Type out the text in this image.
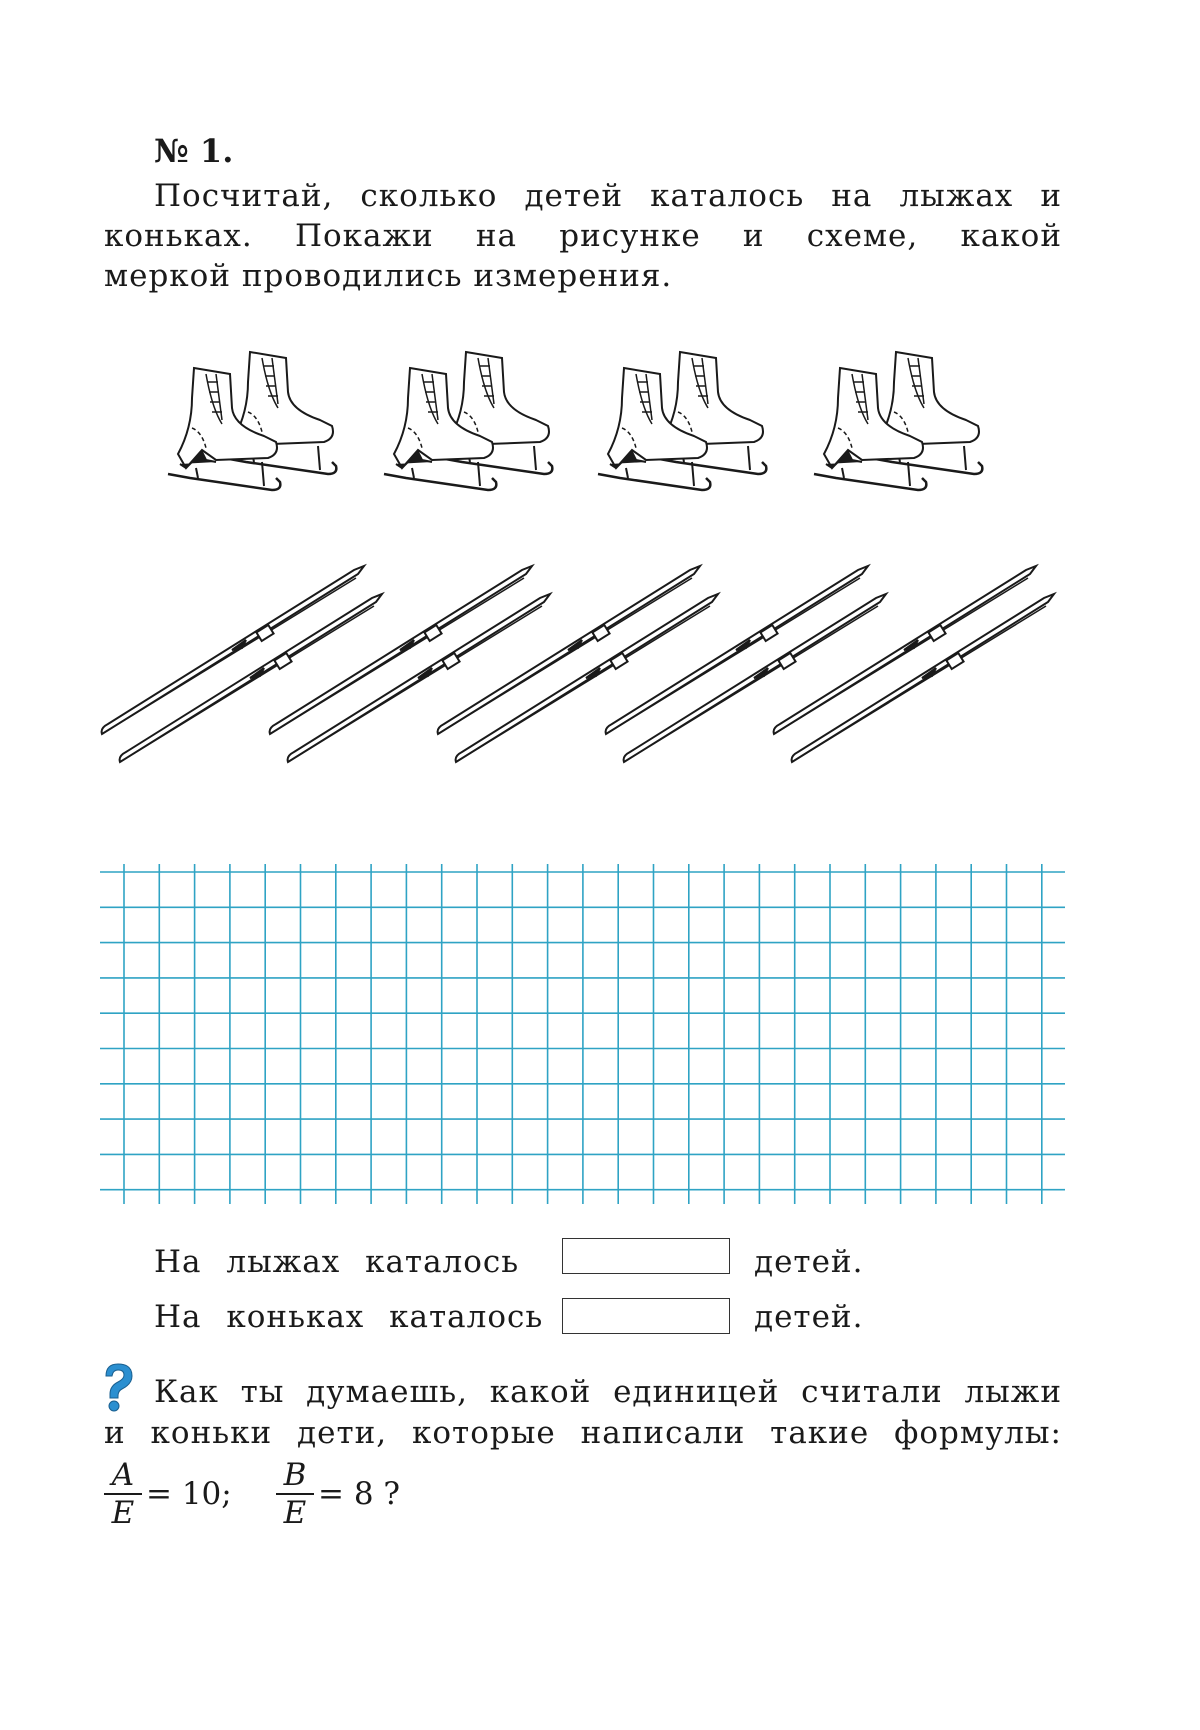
№ 1.
Посчитай, сколько детей каталось на лыжах и
коньках. Покажи на рисунке и схеме, какой
меркой проводились измерения.
На лыжах каталось	детей.
На коньках каталось	детей.
Как ты думаешь, какой единицей считали лыжи
и коньки дети, которые написали такие формулы:
$\frac{A}{E} = 10$; $\frac{B}{E} = 8$ ?
